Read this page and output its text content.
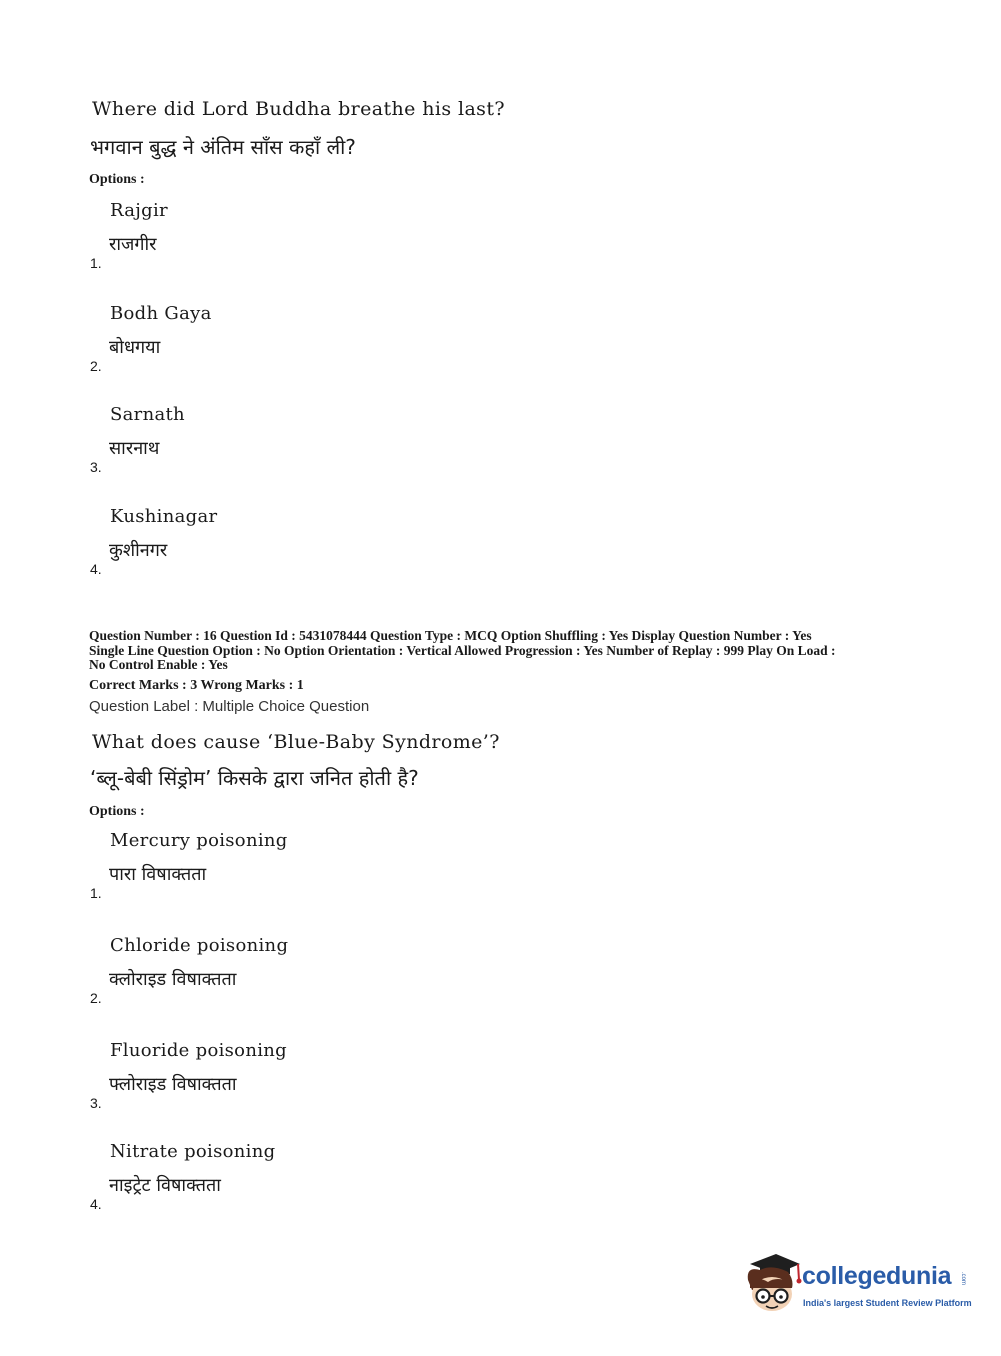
Where did Lord Buddha breathe his last?
भगवान बुद्ध ने अंतिम साँस कहाँ ली?
Options :
Rajgir
राजगीर
1.
Bodh Gaya
बोधगया
2.
Sarnath
सारनाथ
3.
Kushinagar
कुशीनगर
4.
Question Number : 16 Question Id : 5431078444 Question Type : MCQ Option Shuffling : Yes Display Question Number : Yes
Single Line Question Option : No Option Orientation : Vertical Allowed Progression : Yes Number of Replay : 999 Play On Load :
No Control Enable : Yes
Correct Marks : 3 Wrong Marks : 1
Question Label : Multiple Choice Question
What does cause ‘Blue-Baby Syndrome’?
‘ब्लू-बेबी सिंड्रोम’ किसके द्वारा जनित होती है?
Options :
Mercury poisoning
पारा विषाक्तता
1.
Chloride poisoning
क्लोराइड विषाक्तता
2.
Fluoride poisoning
फ्लोराइड विषाक्तता
3.
Nitrate poisoning
नाइट्रेट विषाक्तता
4.
collegedunia .com
India's largest Student Review Platform
